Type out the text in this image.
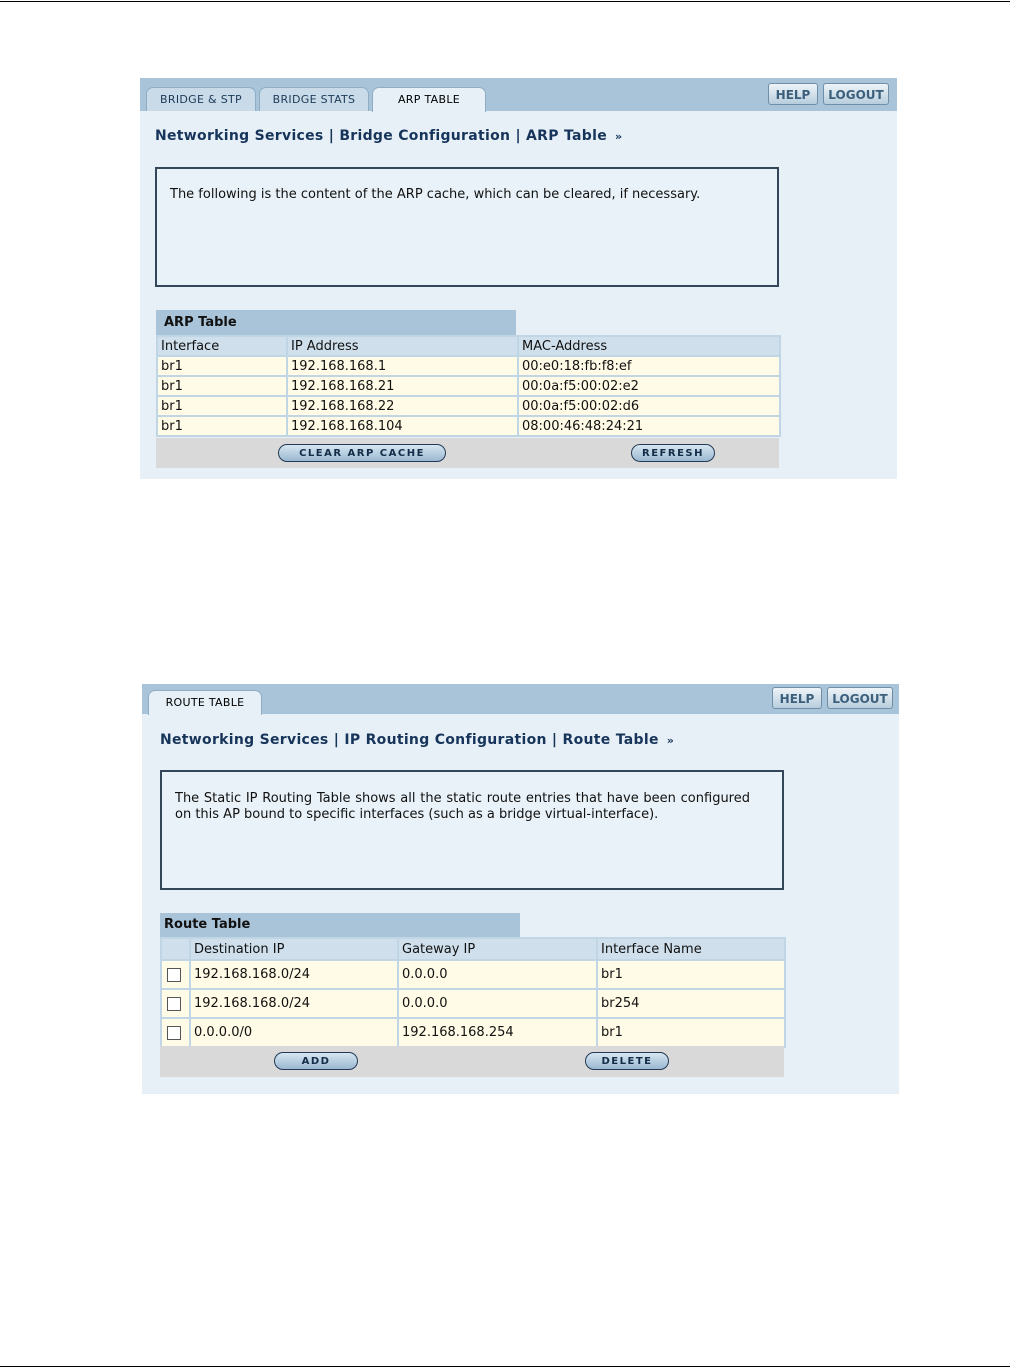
BRIDGE & STP	BRIDGE STATS	ARP TABLE	HELP	LOGOUT
Networking Services | Bridge Configuration | ARP Table »
The following is the content of the ARP cache, which can be cleared, if necessary.
ARP Table
Interface	IP Address	MAC-Address
br1	192.168.168.1	00:e0:18:fb:f8:ef
br1	192.168.168.21	00:0a:f5:00:02:e2
br1	192.168.168.22	00:0a:f5:00:02:d6
br1	192.168.168.104	08:00:46:48:24:21
CLEAR ARP CACHE	REFRESH
ROUTE TABLE	HELP	LOGOUT
Networking Services | IP Routing Configuration | Route Table »
The Static IP Routing Table shows all the static route entries that have been configured on this AP bound to specific interfaces (such as a bridge virtual-interface).
Route Table
	Destination IP	Gateway IP	Interface Name
	192.168.168.0/24	0.0.0.0	br1
	192.168.168.0/24	0.0.0.0	br254
	0.0.0.0/0	192.168.168.254	br1
ADD	DELETE
